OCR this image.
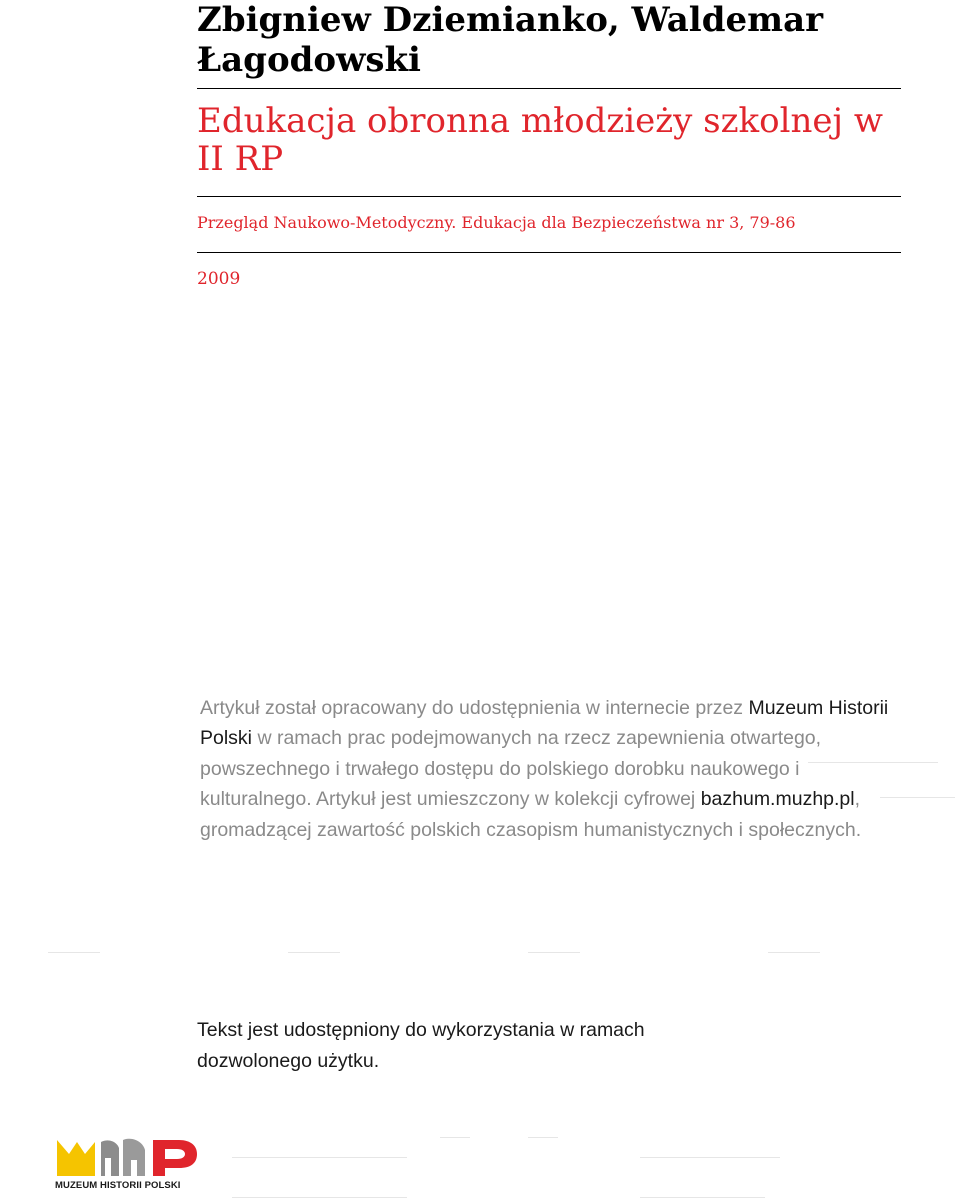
Zbigniew Dziemianko, Waldemar Łagodowski
Edukacja obronna młodzieży szkolnej w II RP
Przegląd Naukowo-Metodyczny. Edukacja dla Bezpieczeństwa nr 3, 79-86
2009

Artykuł został opracowany do udostępnienia w internecie przez Muzeum Historii Polski w ramach prac podejmowanych na rzecz zapewnienia otwartego, powszechnego i trwałego dostępu do polskiego dorobku naukowego i kulturalnego. Artykuł jest umieszczony w kolekcji cyfrowej bazhum.muzhp.pl, gromadzącej zawartość polskich czasopism humanistycznych i społecznych.

Tekst jest udostępniony do wykorzystania w ramach dozwolonego użytku.

MUZEUM HISTORII POLSKI
